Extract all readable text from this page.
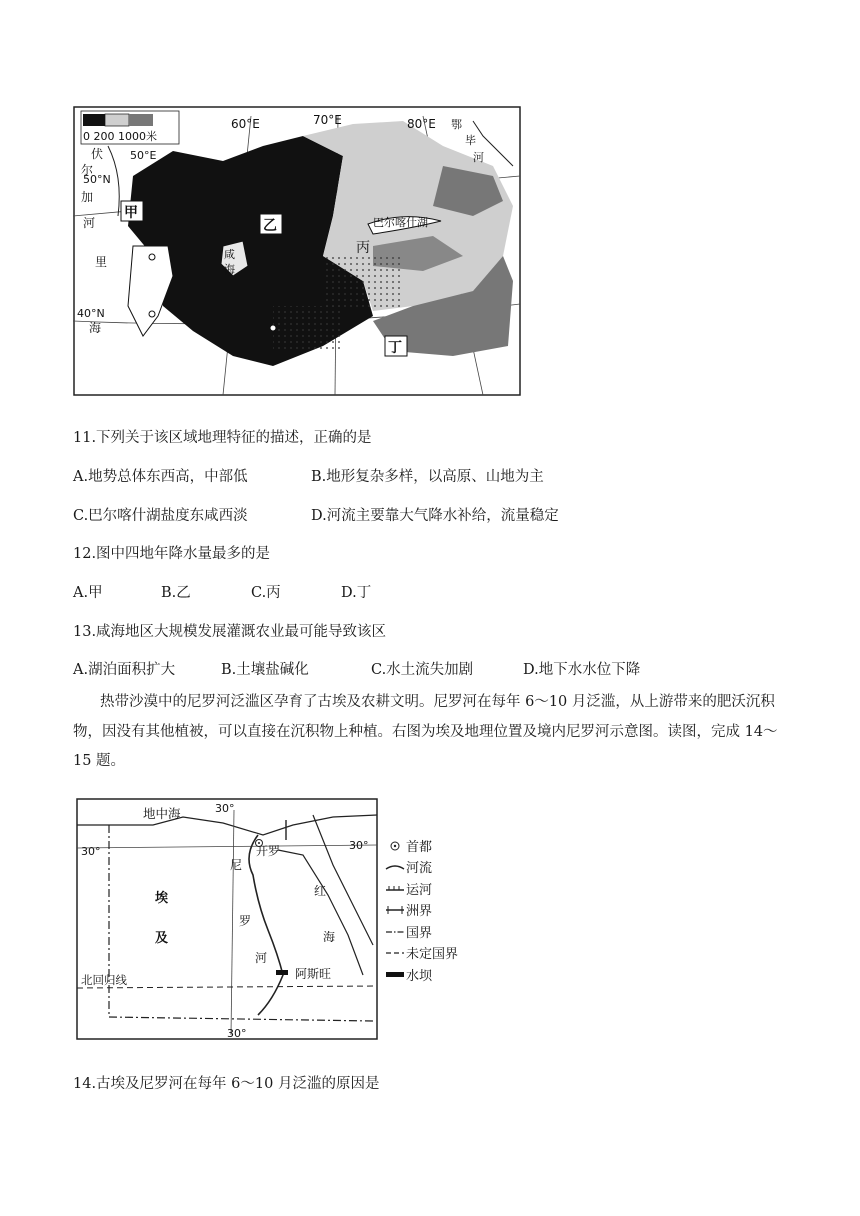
0 200 1000米
60°E	70°E	80°E
50°E
50°N
40°N
伏
尔
加
河
里
海
甲
乙
丙
丁
巴尔喀什湖
咸
海
鄂
毕
河
11.下列关于该区域地理特征的描述，正确的是
A.地势总体东西高，中部低	B.地形复杂多样，以高原、山地为主
C.巴尔喀什湖盐度东咸西淡	D.河流主要靠大气降水补给，流量稳定
12.图中四地年降水量最多的是
A.甲	B.乙	C.丙	D.丁
13.咸海地区大规模发展灌溉农业最可能导致该区
A.湖泊面积扩大	B.土壤盐碱化	C.水土流失加剧	D.地下水水位下降
热带沙漠中的尼罗河泛滥区孕育了古埃及农耕文明。尼罗河在每年 6～10 月泛滥，从上游带来的肥沃沉积
物，因没有其他植被，可以直接在沉积物上种植。右图为埃及地理位置及境内尼罗河示意图。读图，完成 14～
15 题。
地中海	30°
30°	30°
30°
开罗
阿斯旺
埃
及
尼
罗
河
红
海
北回归线
首都
河流
运河
洲界
国界
未定国界
水坝
14.古埃及尼罗河在每年 6～10 月泛滥的原因是
